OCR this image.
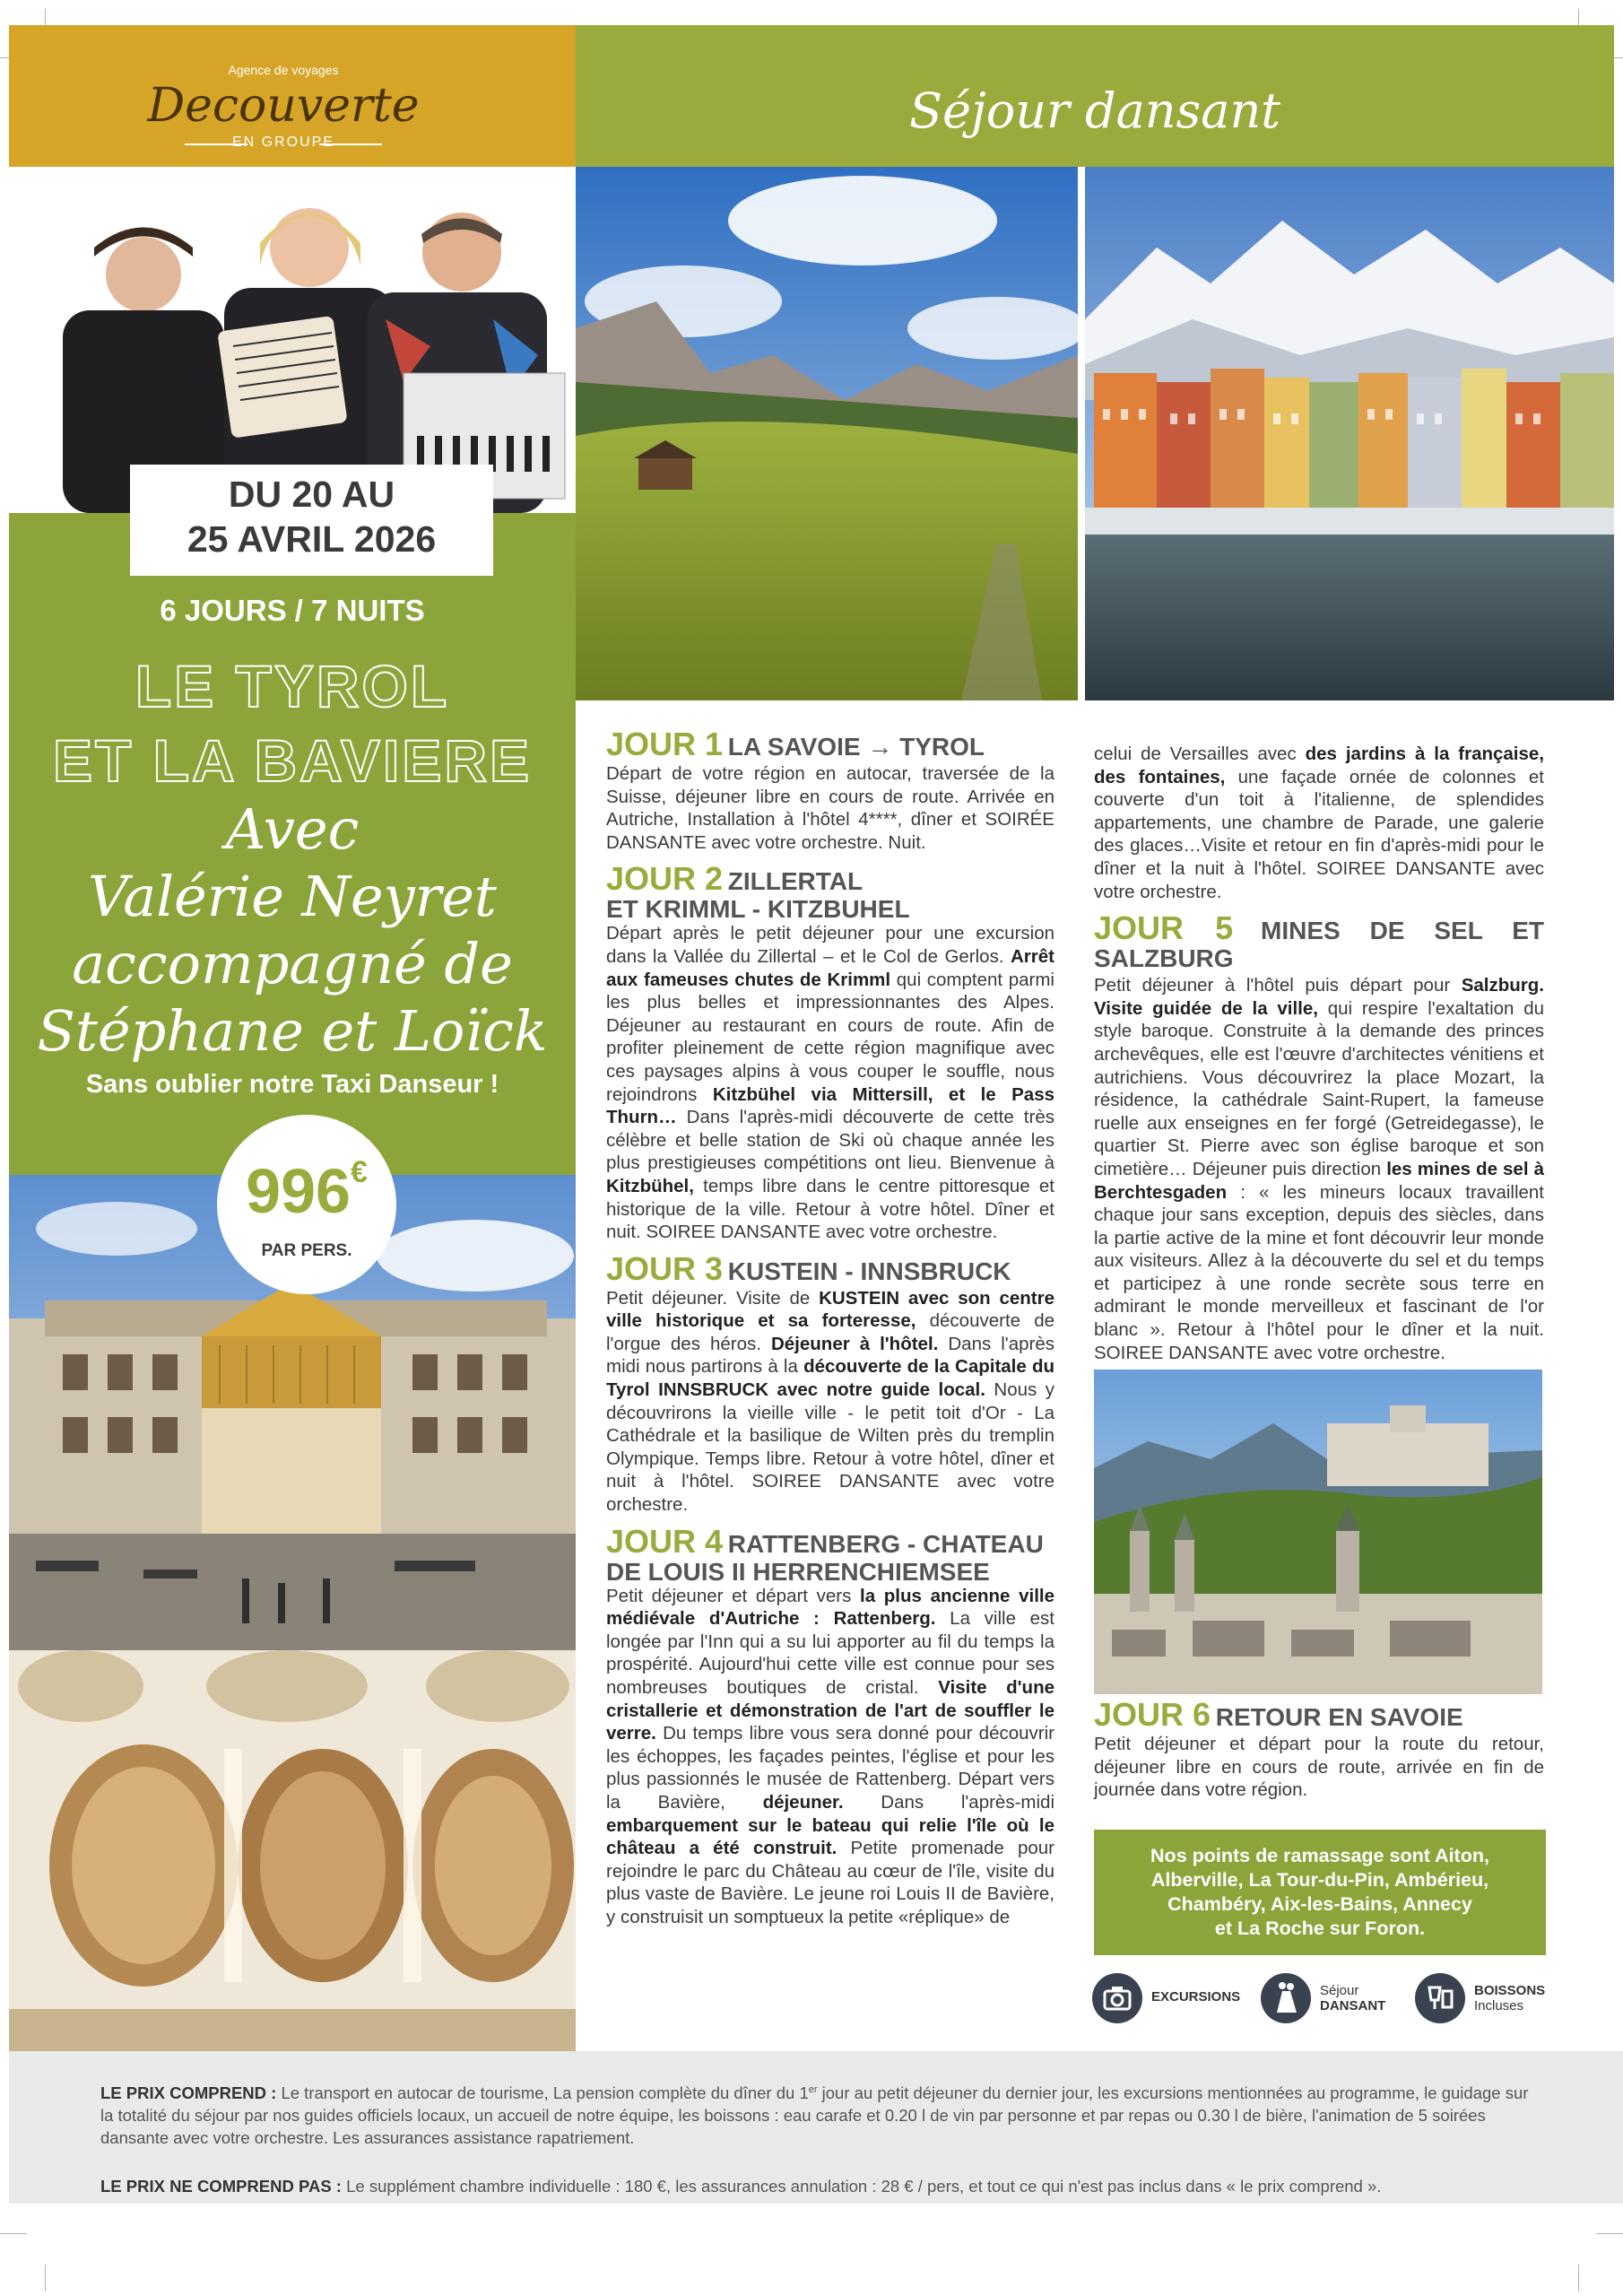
Agence de voyages
Decouverte
EN GROUPE
Séjour dansant
DU 20 AU
25 AVRIL 2026
6 JOURS / 7 NUITS
LE TYROL
ET LA BAVIERE
Avec
Valérie Neyret
accompagné de
Stéphane et Loïck
Sans oublier notre Taxi Danseur !
996€
PAR PERS.
JOUR 1 LA SAVOIE → TYROL

Départ de votre région en autocar, traversée de la Suisse, déjeuner libre en cours de route. Arrivée en Autriche, Installation à l'hôtel 4****, dîner et SOIRÉE DANSANTE avec votre orchestre. Nuit.

JOUR 2 ZILLERTAL
ET KRIMML - KITZBUHEL

Départ après le petit déjeuner pour une excursion dans la Vallée du Zillertal – et le Col de Gerlos. Arrêt aux fameuses chutes de Krimml qui comptent parmi les plus belles et impressionnantes des Alpes. Déjeuner au restaurant en cours de route. Afin de profiter pleinement de cette région magnifique avec ces paysages alpins à vous couper le souffle, nous rejoindrons Kitzbühel via Mittersill, et le Pass Thurn… Dans l'après-midi découverte de cette très célèbre et belle station de Ski où chaque année les plus prestigieuses compétitions ont lieu. Bienvenue à Kitzbühel, temps libre dans le centre pittoresque et historique de la ville. Retour à votre hôtel. Dîner et nuit. SOIREE DANSANTE avec votre orchestre.

JOUR 3 KUSTEIN - INNSBRUCK

Petit déjeuner. Visite de KUSTEIN avec son centre ville historique et sa forteresse, découverte de l'orgue des héros. Déjeuner à l'hôtel. Dans l'après midi nous partirons à la découverte de la Capitale du Tyrol INNSBRUCK avec notre guide local. Nous y découvrirons la vieille ville - le petit toit d'Or - La Cathédrale et la basilique de Wilten près du tremplin Olympique. Temps libre. Retour à votre hôtel, dîner et nuit à l'hôtel. SOIREE DANSANTE avec votre orchestre.

JOUR 4 RATTENBERG - CHATEAU
DE LOUIS II HERRENCHIEMSEE

Petit déjeuner et départ vers la plus ancienne ville médiévale d'Autriche : Rattenberg. La ville est longée par l'Inn qui a su lui apporter au fil du temps la prospérité. Aujourd'hui cette ville est connue pour ses nombreuses boutiques de cristal. Visite d'une cristallerie et démonstration de l'art de souffler le verre. Du temps libre vous sera donné pour découvrir les échoppes, les façades peintes, l'église et pour les plus passionnés le musée de Rattenberg. Départ vers la Bavière, déjeuner. Dans l'après-midi embarquement sur le bateau qui relie l'île où le château a été construit. Petite promenade pour rejoindre le parc du Château au cœur de l'île, visite du plus vaste de Bavière. Le jeune roi Louis II de Bavière, y construisit un somptueux la petite «réplique» de

celui de Versailles avec des jardins à la française, des fontaines, une façade ornée de colonnes et couverte d'un toit à l'italienne, de splendides appartements, une chambre de Parade, une galerie des glaces…Visite et retour en fin d'après-midi pour le dîner et la nuit à l'hôtel. SOIREE DANSANTE avec votre orchestre.

JOUR 5 MINES DE SEL ET SALZBURG

Petit déjeuner à l'hôtel puis départ pour Salzburg. Visite guidée de la ville, qui respire l'exaltation du style baroque. Construite à la demande des princes archevêques, elle est l'œuvre d'architectes vénitiens et autrichiens. Vous découvrirez la place Mozart, la résidence, la cathédrale Saint-Rupert, la fameuse ruelle aux enseignes en fer forgé (Getreidegasse), le quartier St. Pierre avec son église baroque et son cimetière… Déjeuner puis direction les mines de sel à Berchtesgaden : « les mineurs locaux travaillent chaque jour sans exception, depuis des siècles, dans la partie active de la mine et font découvrir leur monde aux visiteurs. Allez à la découverte du sel et du temps et participez à une ronde secrète sous terre en admirant le monde merveilleux et fascinant de l'or blanc ». Retour à l'hôtel pour le dîner et la nuit. SOIREE DANSANTE avec votre orchestre.

JOUR 6 RETOUR EN SAVOIE

Petit déjeuner et départ pour la route du retour, déjeuner libre en cours de route, arrivée en fin de journée dans votre région.

Nos points de ramassage sont Aiton,
Alberville, La Tour-du-Pin, Ambérieu,
Chambéry, Aix-les-Bains, Annecy
et La Roche sur Foron.
EXCURSIONS	Séjour
DANSANT
BOISSONS
Incluses
LE PRIX COMPREND : Le transport en autocar de tourisme, La pension complète du dîner du 1er jour au petit déjeuner du dernier jour, les excursions mentionnées au programme, le guidage sur la totalité du séjour par nos guides officiels locaux, un accueil de notre équipe, les boissons : eau carafe et 0.20 l de vin par personne et par repas ou 0.30 l de bière, l'animation de 5 soirées dansante avec votre orchestre. Les assurances assistance rapatriement.
LE PRIX NE COMPREND PAS : Le supplément chambre individuelle : 180 €, les assurances annulation : 28 € / pers, et tout ce qui n'est pas inclus dans « le prix comprend ».
